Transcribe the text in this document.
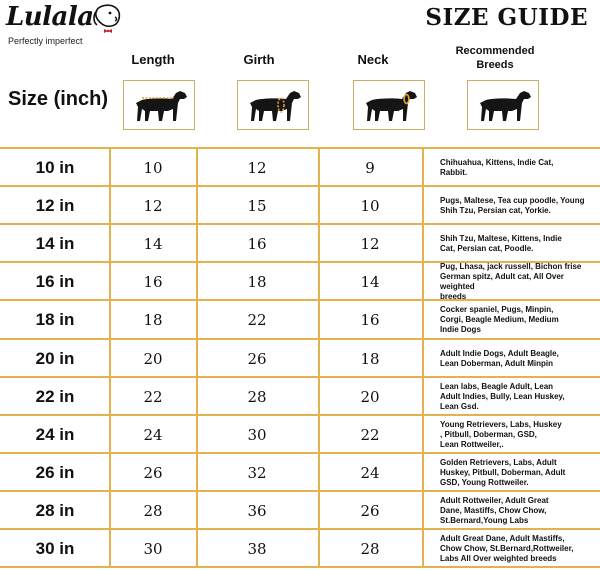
Lulala
Perfectly imperfect
SIZE GUIDE
Length	Girth	Neck
Recommended
Breeds
Size (inch)
10 in	10	12	9	Chihuahua, Kittens, Indie Cat,
Rabbit.
12 in	12	15	10	Pugs, Maltese, Tea cup poodle, Young
Shih Tzu, Persian cat, Yorkie.
14 in	14	16	12	Shih Tzu, Maltese, Kittens, Indie
Cat, Persian cat, Poodle.
16 in	16	18	14
Pug, Lhasa, jack russell, Bichon frise
German spitz, Adult cat, All Over weighted
breeds
18 in	18	22	16
Cocker spaniel, Pugs, Minpin,
Corgi, Beagle Medium, Medium
Indie Dogs
20 in	20	26	18	Adult Indie Dogs, Adult Beagle,
Lean Doberman, Adult Minpin
22 in	22	28	20
Lean labs, Beagle Adult, Lean
Adult Indies, Bully, Lean Huskey,
Lean Gsd.
24 in	24	30	22
Young Retrievers, Labs, Huskey
, Pitbull, Doberman, GSD,
Lean Rottweiler,.
26 in	26	32	24
Golden Retrievers, Labs, Adult
Huskey, Pitbull, Doberman, Adult
GSD, Young Rottweiler.
28 in	28	36	26
Adult Rottweiler, Adult Great
Dane, Mastiffs, Chow Chow,
St.Bernard,Young Labs
30 in	30	38	28
Adult Great Dane, Adult Mastiffs,
Chow Chow, St.Bernard,Rottweiler,
Labs All Over weighted breeds
